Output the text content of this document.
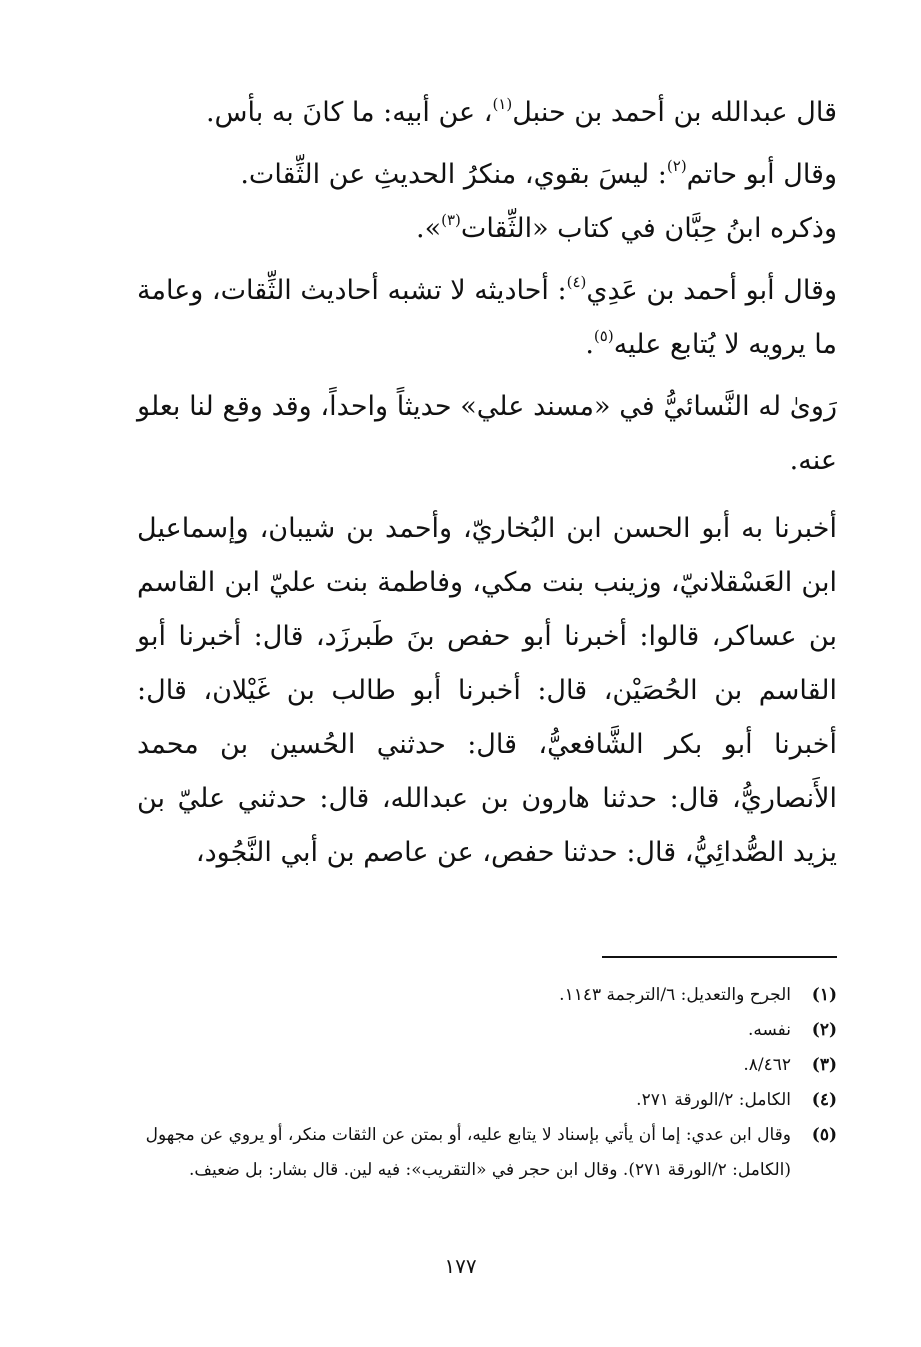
قال عبدالله بن أحمد بن حنبل$^{(١)}$، عن أبيه: ما كانَ به بأس.

وقال أبو حاتم$^{(٢)}$: ليسَ بقوي، منكرُ الحديثِ عن الثِّقات.

وذكره ابنُ حِبَّان في كتاب «الثِّقات$^{(٣)}$».

وقال أبو أحمد بن عَدِي$^{(٤)}$: أحاديثه لا تشبه أحاديث الثِّقات، وعامة ما يرويه لا يُتابع عليه$^{(٥)}$.

رَوىٰ له النَّسائيُّ في «مسند علي» حديثاً واحداً، وقد وقع لنا بعلو عنه.

أخبرنا به أبو الحسن ابن البُخاريّ، وأحمد بن شيبان، وإسماعيل ابن العَسْقلانيّ، وزينب بنت مكي، وفاطمة بنت عليّ ابن القاسم بن عساكر، قالوا: أخبرنا أبو حفص بنَ طَبرزَد، قال: أخبرنا أبو القاسم بن الحُصَيْن، قال: أخبرنا أبو طالب بن غَيْلان، قال: أخبرنا أبو بكر الشَّافعيُّ، قال: حدثني الحُسين بن محمد الأَنصاريُّ، قال: حدثنا هارون بن عبدالله، قال: حدثني عليّ بن يزيد الصُّدائِيُّ، قال: حدثنا حفص، عن عاصم بن أبي النَّجُود،

(١)
الجرح والتعديل: ٦/الترجمة ١١٤٣.
(٢)
نفسه.
(٣)
٨/٤٦٢.
(٤)
الكامل: ٢/الورقة ٢٧١.
(٥)
وقال ابن عدي: إما أن يأتي بإسناد لا يتابع عليه، أو بمتن عن الثقات منكر، أو يروي عن مجهول (الكامل: ٢/الورقة ٢٧١). وقال ابن حجر في «التقريب»: فيه لين. قال بشار: بل ضعيف.
١٧٧
